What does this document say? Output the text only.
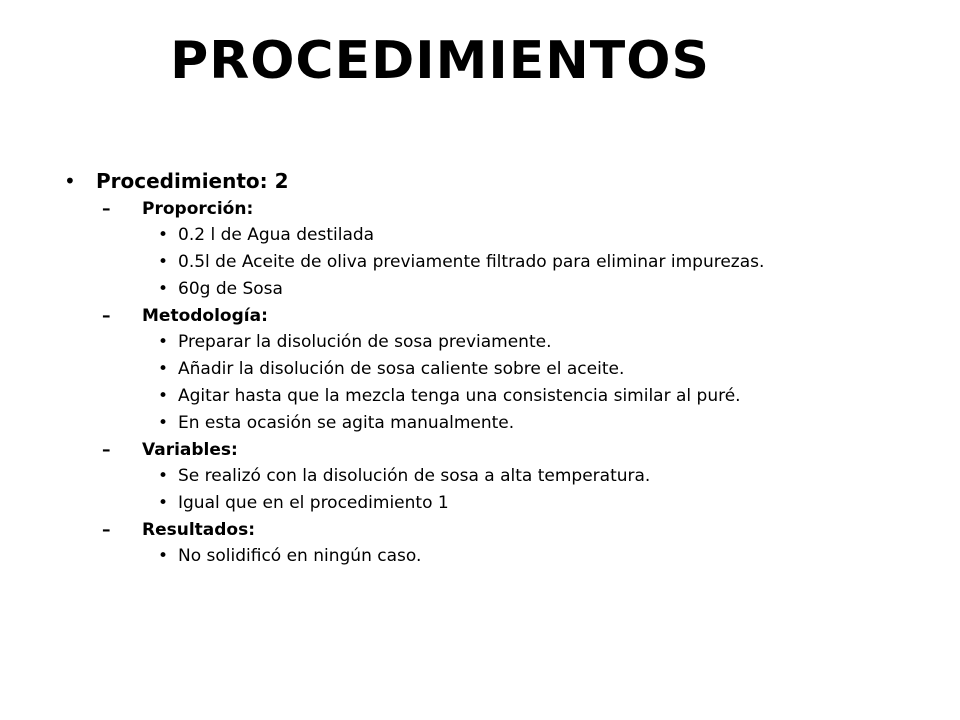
PROCEDIMIENTOS
• Procedimiento: 2
– Proporción:
• 0.2 l de Agua destilada
• 0.5l de Aceite de oliva previamente filtrado para eliminar impurezas.
• 60g de Sosa
– Metodología:
• Preparar la disolución de sosa previamente.
• Añadir la disolución de sosa caliente sobre el aceite.
• Agitar hasta que la mezcla tenga una consistencia similar al puré.
• En esta ocasión se agita manualmente.
– Variables:
• Se realizó con la disolución de sosa a alta temperatura.
• Igual que en el procedimiento 1
– Resultados:
• No solidificó en ningún caso.
